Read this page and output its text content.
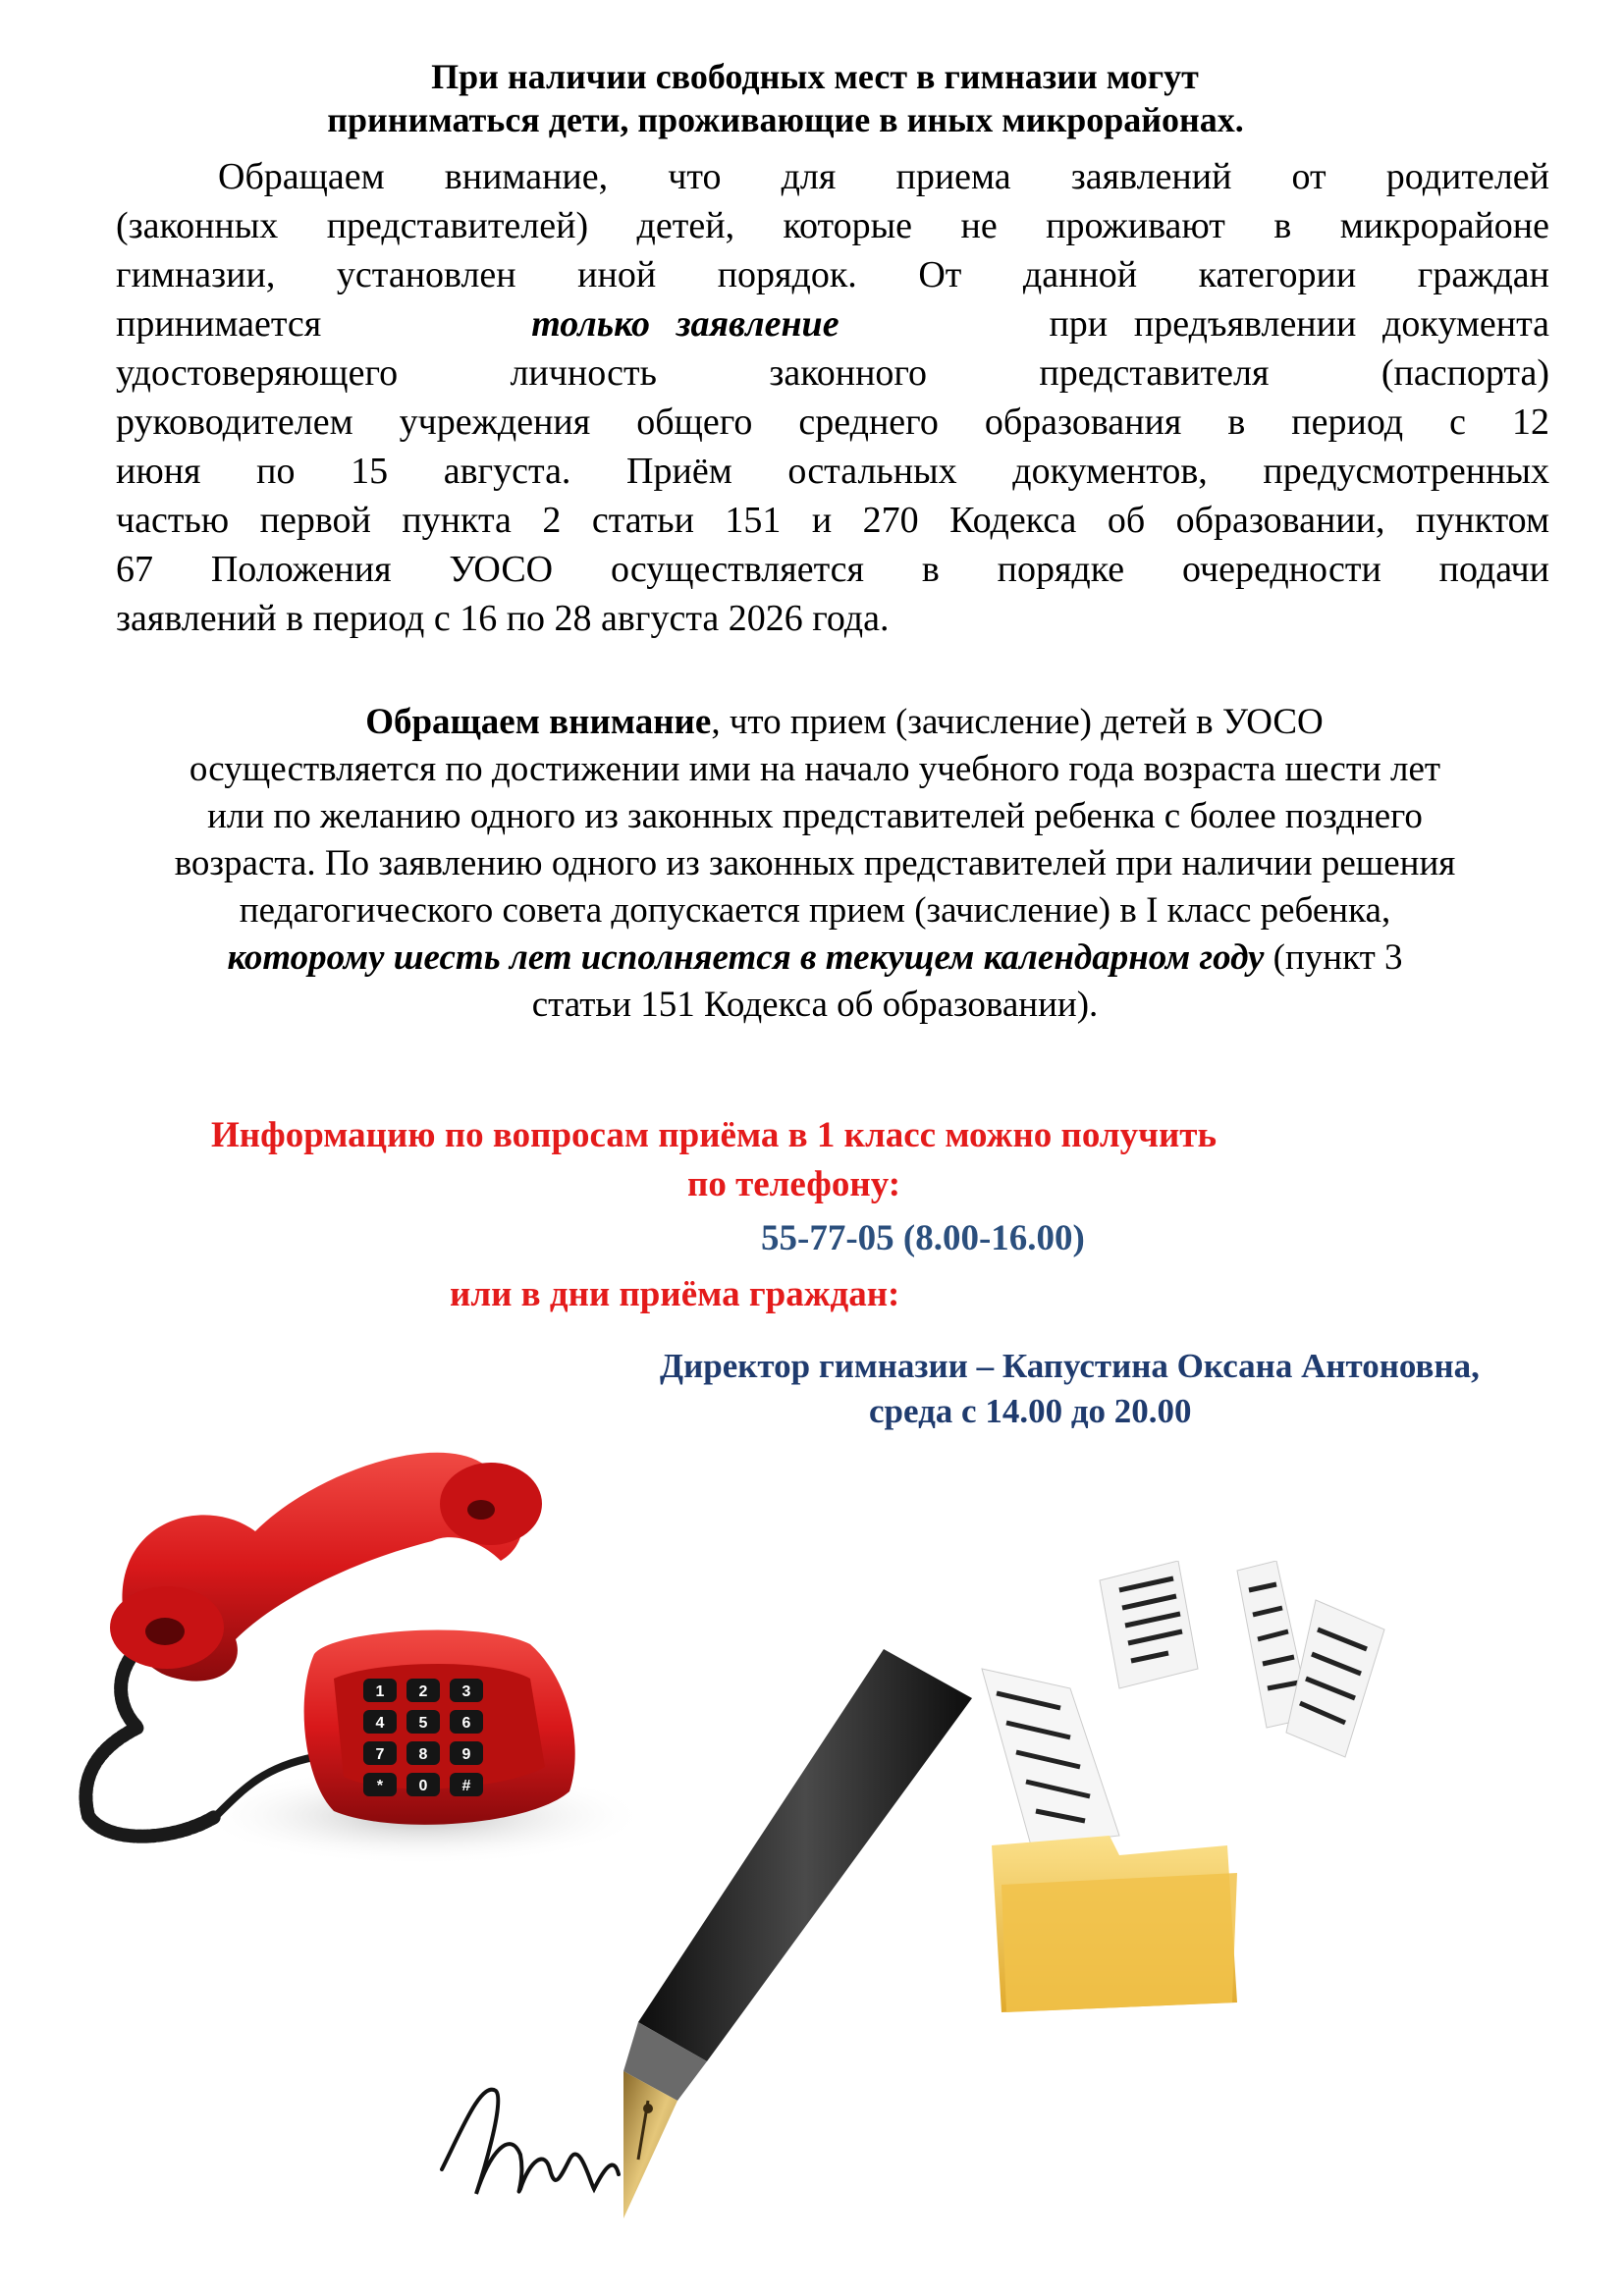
При наличии свободных мест в гимназии могут
приниматься дети, проживающие в иных микрорайонах.
Обращаем внимание, что для приема заявлений от родителей
(законных представителей) детей, которые не проживают в микрорайоне
гимназии, установлен иной порядок. От данной категории граждан
принимается	только заявление	при предъявлении документа
удостоверяющего личность законного представителя (паспорта)
руководителем учреждения общего среднего образования в период с 12
июня по 15 августа. Приём остальных документов, предусмотренных
частью первой пункта 2 статьи 151 и 270 Кодекса об образовании, пунктом
67 Положения УОСО осуществляется в порядке очередности подачи
заявлений в период с 16 по 28 августа 2026 года.
Обращаем внимание, что прием (зачисление) детей в УОСО
осуществляется по достижении ими на начало учебного года возраста шести лет
или по желанию одного из законных представителей ребенка с более позднего
возраста. По заявлению одного из законных представителей при наличии решения
педагогического совета допускается прием (зачисление) в I класс ребенка,
которому шесть лет исполняется в текущем календарном году (пункт 3
статьи 151 Кодекса об образовании).
Информацию по вопросам приёма в 1 класс можно получить
по телефону:
55-77-05 (8.00-16.00)
или в дни приёма граждан:
Директор гимназии – Капустина Оксана Антоновна,
среда с 14.00 до 20.00
1 2 3
4 5 6
7 8 9
* 0 #
